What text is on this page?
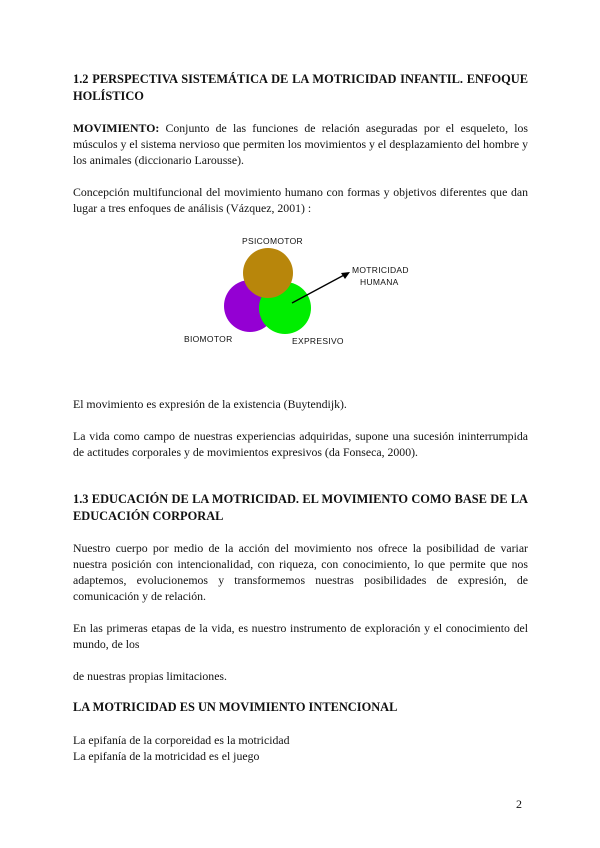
1.2 PERSPECTIVA SISTEMÁTICA DE LA MOTRICIDAD INFANTIL. ENFOQUE HOLÍSTICO

MOVIMIENTO: Conjunto de las funciones de relación aseguradas por el esqueleto, los músculos y el sistema nervioso que permiten los movimientos y el desplazamiento del hombre y los animales (diccionario Larousse).

Concepción multifuncional del movimiento humano con formas y objetivos diferentes que dan lugar a tres enfoques de análisis (Vázquez, 2001) :

PSICOMOTOR
MOTRICIDAD
HUMANA
BIOMOTOR	EXPRESIVO

El movimiento es expresión de la existencia (Buytendijk).

La vida como campo de nuestras experiencias adquiridas, supone una sucesión ininterrumpida de actitudes corporales y de movimientos expresivos (da Fonseca, 2000).

1.3 EDUCACIÓN DE LA MOTRICIDAD. EL MOVIMIENTO COMO BASE DE LA EDUCACIÓN CORPORAL

Nuestro cuerpo por medio de la acción del movimiento nos ofrece la posibilidad de variar nuestra posición con intencionalidad, con riqueza, con conocimiento, lo que permite que nos adaptemos, evolucionemos y transformemos nuestras posibilidades de expresión, de comunicación y de relación.

En las primeras etapas de la vida, es nuestro instrumento de exploración y el conocimiento del mundo, de los

de nuestras propias limitaciones.

LA MOTRICIDAD ES UN MOVIMIENTO INTENCIONAL

La epifanía de la corporeidad es la motricidad

La epifanía de la motricidad es el juego

2
